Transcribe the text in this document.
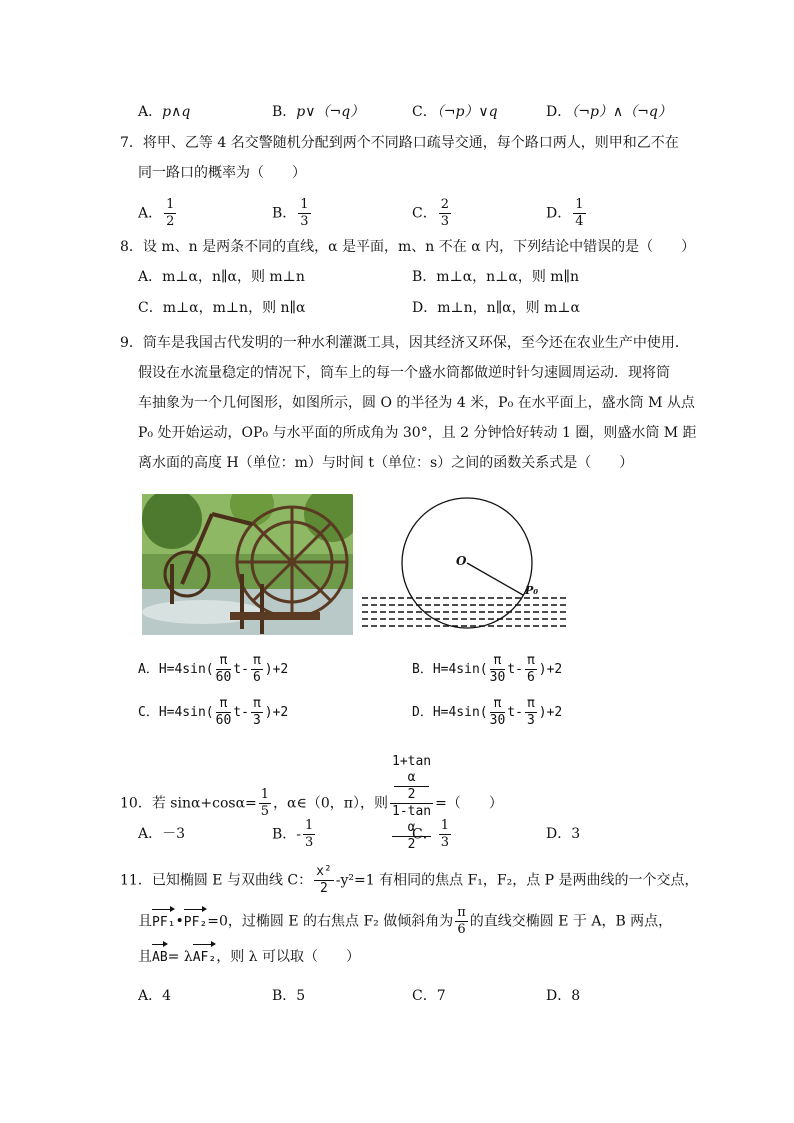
A．p∧q	B．p∨（¬q）	C．（¬p）∨q	D．（¬p）∧（¬q）
7．将甲、乙等 4 名交警随机分配到两个不同路口疏导交通，每个路口两人，则甲和乙不在
同一路口的概率为（　　）
A． $\frac{1}{2}$	B． $\frac{1}{3}$	C． $\frac{2}{3}$	D． $\frac{1}{4}$
8．设 m、n 是两条不同的直线，α 是平面，m、n 不在 α 内，下列结论中错误的是（　　）
A．m⊥α，n∥α，则 m⊥n	B．m⊥α，n⊥α，则 m∥n
C．m⊥α，m⊥n，则 n∥α	D．m⊥n，n∥α，则 m⊥α
9．筒车是我国古代发明的一种水利灌溉工具，因其经济又环保，至今还在农业生产中使用．
假设在水流量稳定的情况下，筒车上的每一个盛水筒都做逆时针匀速圆周运动．现将筒
车抽象为一个几何图形，如图所示，圆 O 的半径为 4 米，P₀ 在水平面上，盛水筒 M 从点
P₀ 处开始运动，OP₀ 与水平面的所成角为 30°，且 2 分钟恰好转动 1 圈，则盛水筒 M 距
离水面的高度 H（单位：m）与时间 t（单位：s）之间的函数关系式是（　　）
O
P₀
A．$H=4\sin( \frac{\pi}{60} t- \frac{\pi}{6} )+2$	B．$H=4\sin( \frac{\pi}{30} t- \frac{\pi}{6} )+2$
C．$H=4\sin( \frac{\pi}{60} t- \frac{\pi}{3} )+2$	D．$H=4\sin( \frac{\pi}{30} t- \frac{\pi}{3} )+2$
10．若 $\sin\alpha+\cos\alpha= \frac{1}{5}$ ，α∈（0，π），则 1+tan
α
2
1-tan
α
2 =（　　）
A．－3	B．- $\frac{1}{3}$	C． $\frac{1}{3}$	D．3
11．已知椭圆 E 与双曲线 C： $\frac{\text{x²}}{2} -y^2=1$ 有相同的焦点 F₁，F₂，点 P 是两曲线的一个交点，
且PF₁•PF₂=0，过椭圆 E 的右焦点 F₂ 做倾斜角为 $\frac{\pi}{6}$ 的直线交椭圆 E 于 A，B 两点，
且AB= λAF₂，则 λ 可以取（　　）
A．4	B．5	C．7	D．8
